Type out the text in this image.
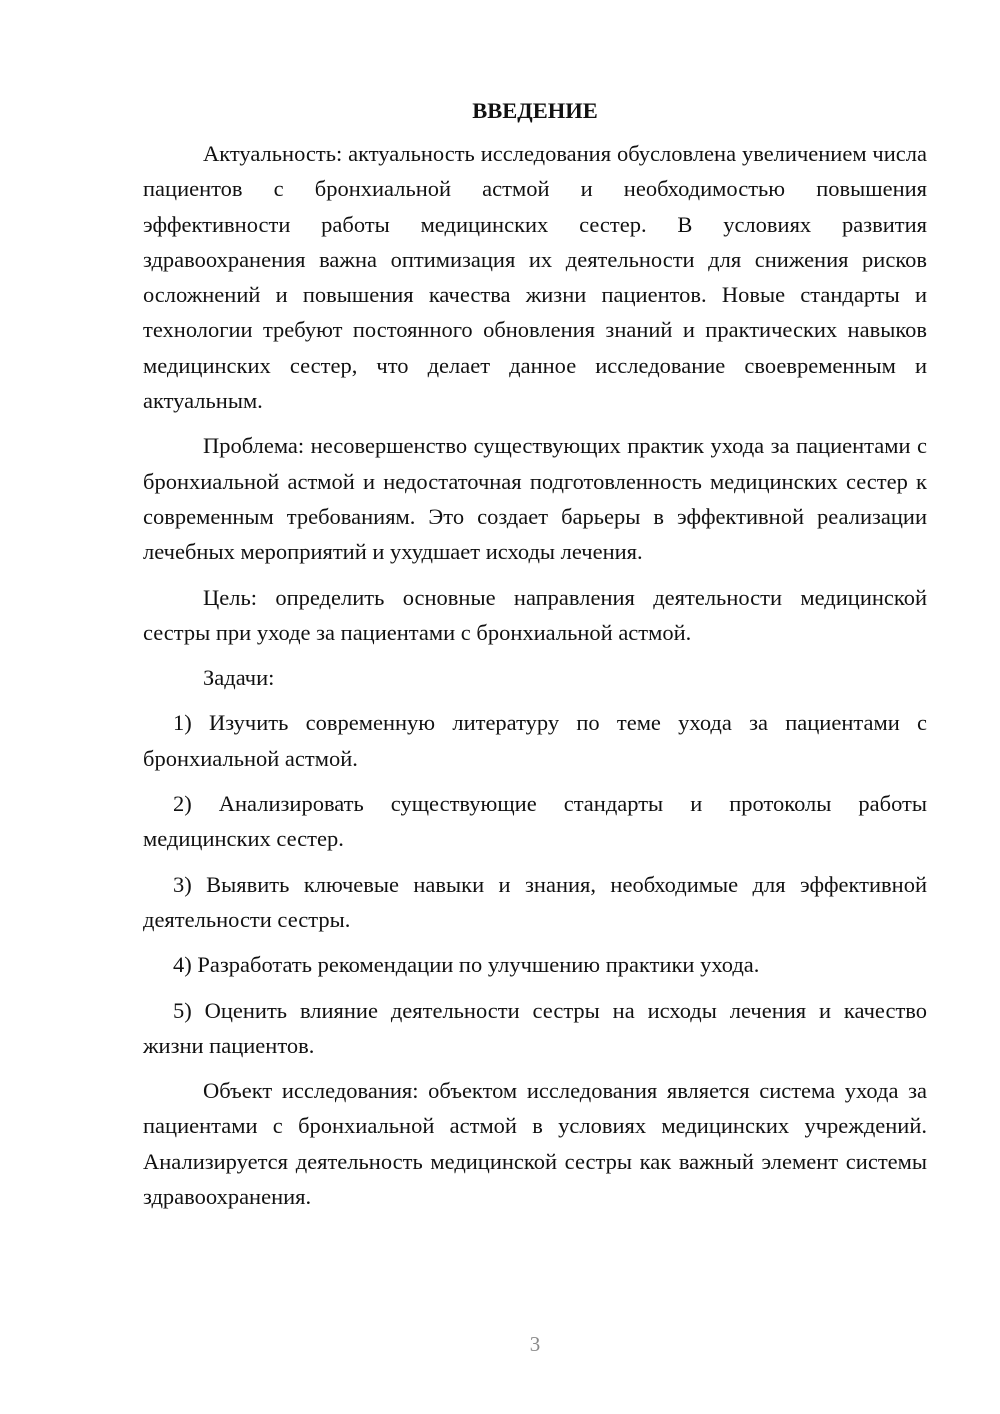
ВВЕДЕНИЕ

Актуальность: актуальность исследования обусловлена увеличением числа пациентов с бронхиальной астмой и необходимостью повышения эффективности работы медицинских сестер. В условиях развития здравоохранения важна оптимизация их деятельности для снижения рисков осложнений и повышения качества жизни пациентов. Новые стандарты и технологии требуют постоянного обновления знаний и практических навыков медицинских сестер, что делает данное исследование своевременным и актуальным.

Проблема: несовершенство существующих практик ухода за пациентами с бронхиальной астмой и недостаточная подготовленность медицинских сестер к современным требованиям. Это создает барьеры в эффективной реализации лечебных мероприятий и ухудшает исходы лечения.

Цель: определить основные направления деятельности медицинской сестры при уходе за пациентами с бронхиальной астмой.

Задачи:

1) Изучить современную литературу по теме ухода за пациентами с бронхиальной астмой.

2) Анализировать существующие стандарты и протоколы работы медицинских сестер.

3) Выявить ключевые навыки и знания, необходимые для эффективной деятельности сестры.

4) Разработать рекомендации по улучшению практики ухода.

5) Оценить влияние деятельности сестры на исходы лечения и качество жизни пациентов.

Объект исследования: объектом исследования является система ухода за пациентами с бронхиальной астмой в условиях медицинских учреждений. Анализируется деятельность медицинской сестры как важный элемент системы здравоохранения.

3
